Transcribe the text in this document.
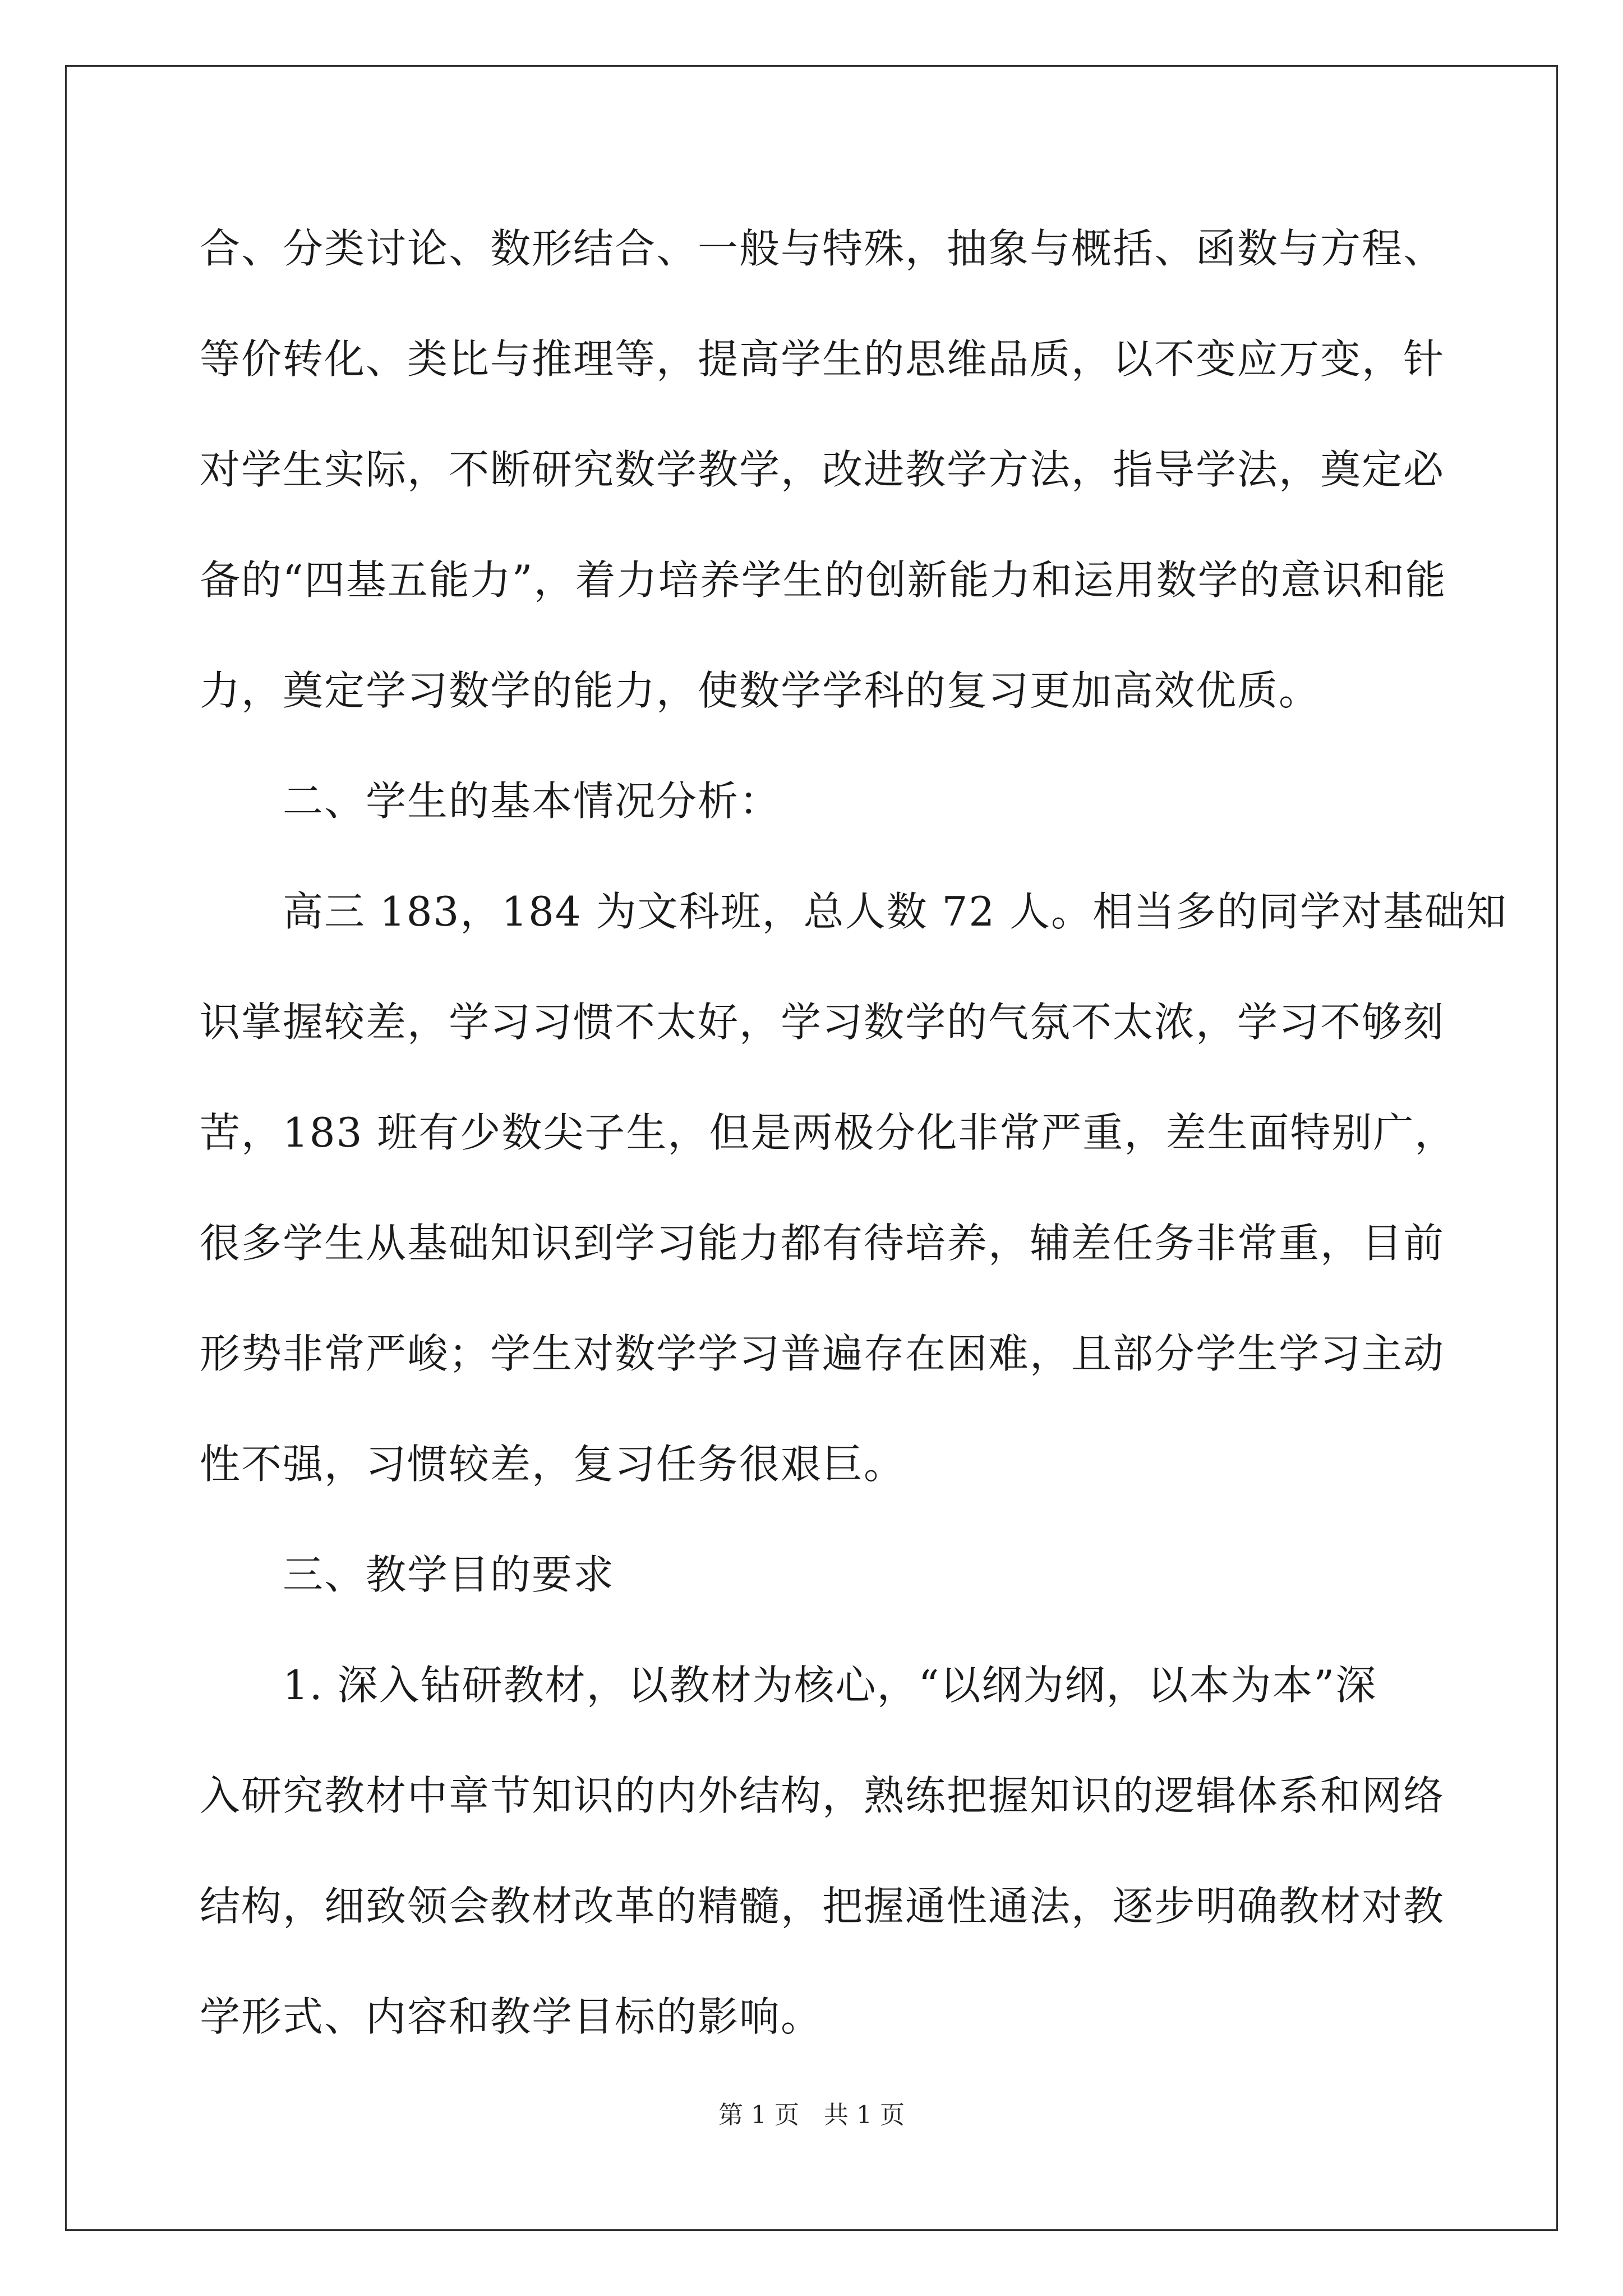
合、分类讨论、数形结合、一般与特殊，抽象与概括、函数与方程、
等价转化、类比与推理等，提高学生的思维品质，以不变应万变，针
对学生实际，不断研究数学教学，改进教学方法，指导学法，奠定必
备的“四基五能力”，着力培养学生的创新能力和运用数学的意识和能
力，奠定学习数学的能力，使数学学科的复习更加高效优质。
二、学生的基本情况分析：
高三 183，184 为文科班，总人数 72 人。相当多的同学对基础知
识掌握较差，学习习惯不太好，学习数学的气氛不太浓，学习不够刻
苦，183 班有少数尖子生，但是两极分化非常严重，差生面特别广，
很多学生从基础知识到学习能力都有待培养，辅差任务非常重，目前
形势非常严峻；学生对数学学习普遍存在困难，且部分学生学习主动
性不强，习惯较差，复习任务很艰巨。
三、教学目的要求
1. 深入钻研教材，以教材为核心，“以纲为纲，以本为本”深
入研究教材中章节知识的内外结构，熟练把握知识的逻辑体系和网络
结构，细致领会教材改革的精髓，把握通性通法，逐步明确教材对教
学形式、内容和教学目标的影响。
第 1 页　共 1 页
